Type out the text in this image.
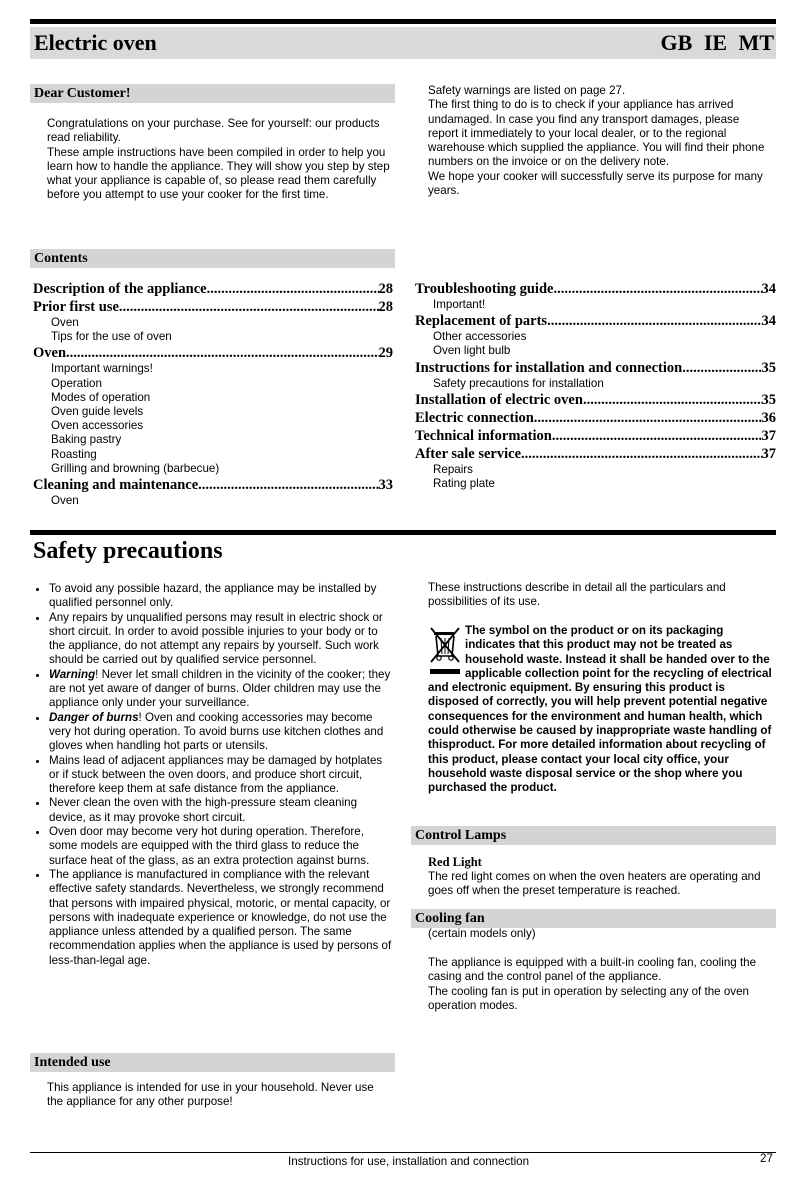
Electric oven	GB IE MT
Dear Customer!
Congratulations on your purchase. See for yourself: our products read reliability.
These ample instructions have been compiled in order to help you learn how to handle the appliance. They will show you step by step what your appliance is capable of, so please read them carefully before you attempt to use your cooker for the first time.
Safety warnings are listed on page 27.
The first thing to do is to check if your appliance has arrived undamaged. In case you find any transport damages, please report it immediately to your local dealer, or to the regional warehouse which supplied the appliance. You will find their phone numbers on the invoice or on the delivery note.
We hope your cooker will successfully serve its purpose for many years.
Contents
Description of the appliance .....	28
Prior first use .....	28
Oven
Tips for the use of oven
Oven .....	29
Important warnings!
Operation
Modes of operation
Oven guide levels
Oven accessories
Baking pastry
Roasting
Grilling and browning (barbecue)
Cleaning and maintenance .....	33
Oven
Troubleshooting guide .....	34
Important!
Replacement of parts .....	34
Other accessories
Oven light bulb
Instructions for installation and connection .....	35
Safety precautions for installation
Installation of electric oven .....	35
Electric connection .....	36
Technical information .....	37
After sale service .....	37
Repairs
Rating plate
Safety precautions
• To avoid any possible hazard, the appliance may be installed by qualified personnel only.
• Any repairs by unqualified persons may result in electric shock or short circuit. In order to avoid possible injuries to your body or to the appliance, do not attempt any repairs by yourself. Such work should be carried out by qualified service personnel.
• Warning! Never let small children in the vicinity of the cooker; they are not yet aware of danger of burns. Older children may use the appliance only under your surveillance.
• Danger of burns! Oven and cooking accessories may become very hot during operation. To avoid burns use kitchen clothes and gloves when handling hot parts or utensils.
• Mains lead of adjacent appliances may be damaged by hotplates or if stuck between the oven doors, and produce short circuit, therefore keep them at safe distance from the appliance.
• Never clean the oven with the high-pressure steam cleaning device, as it may provoke short circuit.
• Oven door may become very hot during operation. Therefore, some models are equipped with the third glass to reduce the surface heat of the glass, as an extra protection against burns.
• The appliance is manufactured in compliance with the relevant effective safety standards. Nevertheless, we strongly recommend that persons with impaired physical, motoric, or mental capacity, or persons with inadequate experience or knowledge, do not use the appliance unless attended by a qualified person. The same recommendation applies when the appliance is used by persons of less-than-legal age.
These instructions describe in detail all the particulars and possibilities of its use.
The symbol on the product or on its packaging indicates that this product may not be treated as household waste. Instead it shall be handed over to the applicable collection point for the recycling of electrical and electronic equipment. By ensuring this product is disposed of correctly, you will help prevent potential negative consequences for the environment and human health, which could otherwise be caused by inappropriate waste handling of thisproduct. For more detailed information about recycling of this product, please contact your local city office, your household waste disposal service or the shop where you purchased the product.
Control Lamps
Red Light
The red light comes on when the oven heaters are operating and goes off when the preset temperature is reached.
Cooling fan
(certain models only)
The appliance is equipped with a built-in cooling fan, cooling the casing and the control panel of the appliance.
The cooling fan is put in operation by selecting any of the oven operation modes.
Intended use
This appliance is intended for use in your household. Never use the appliance for any other purpose!
Instructions for use, installation and connection	27
